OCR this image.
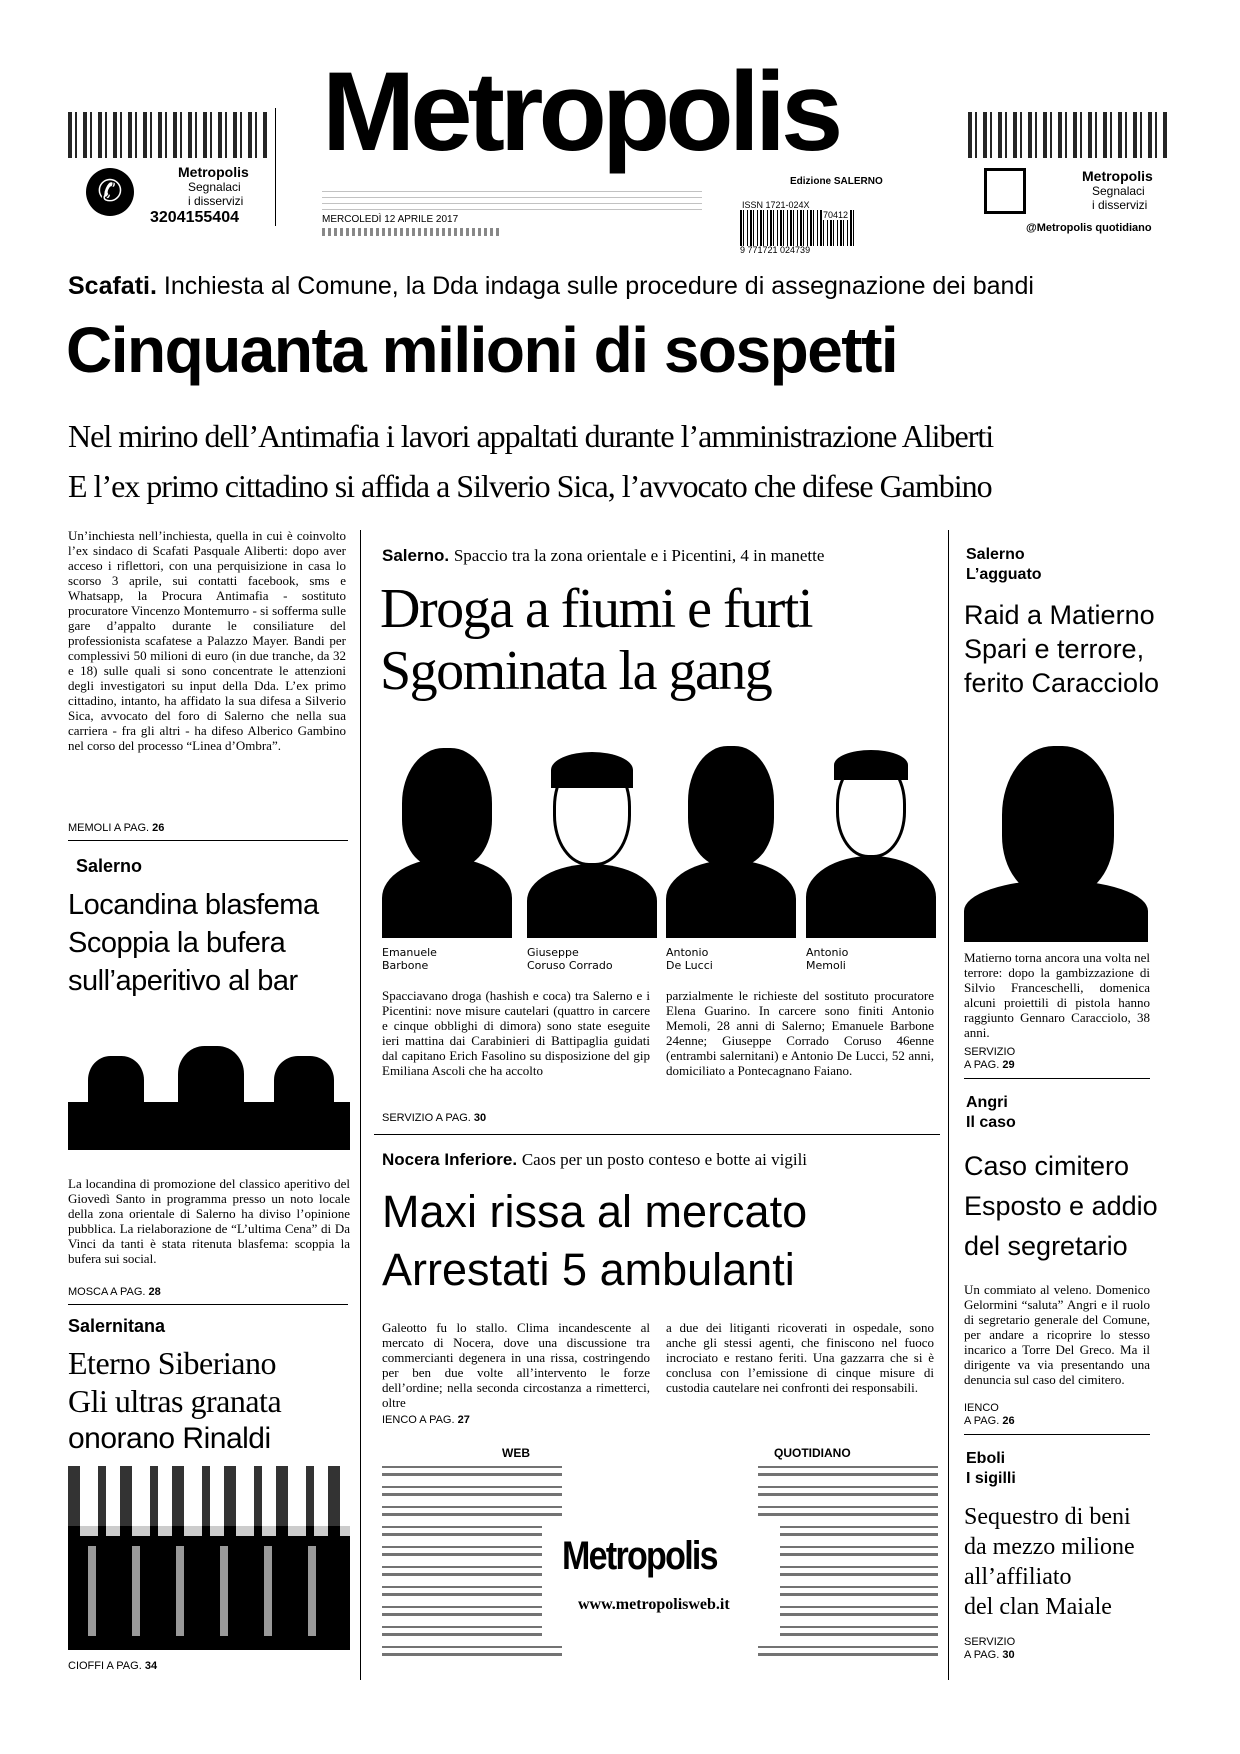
✆
Metropolis
Segnalaci
i disservizi
3204155404
Metropolis
Edizione SALERNO
MERCOLEDÌ 12 APRILE 2017
ISSN 1721-024X
70412
9 771721 024739
Metropolis
Segnalaci
i disservizi
@Metropolis quotidiano
Scafati. Inchiesta al Comune, la Dda indaga sulle procedure di assegnazione dei bandi
Cinquanta milioni di sospetti
Nel mirino dell’Antimafia i lavori appaltati durante l’amministrazione Aliberti
E l’ex primo cittadino si affida a Silverio Sica, l’avvocato che difese Gambino
Un’inchiesta nell’inchiesta, quella in cui è coinvolto l’ex sindaco di Scafati Pasquale Aliberti: dopo aver acceso i riflettori, con una perquisizione in casa lo scorso 3 aprile, sui contatti facebook, sms e Whatsapp, la Procura Antimafia - sostituto procuratore Vincenzo Montemurro - si sofferma sulle gare d’appalto durante le consiliature del professionista scafatese a Palazzo Mayer. Bandi per complessivi 50 milioni di euro (in due tranche, da 32 e 18) sulle quali si sono concentrate le attenzioni degli investigatori su input della Dda. L’ex primo cittadino, intanto, ha affidato la sua difesa a Silverio Sica, avvocato del foro di Salerno che nella sua carriera - fra gli altri - ha difeso Alberico Gambino nel corso del processo “Linea d’Ombra”.
MEMOLI A PAG. 26
Salerno. Spaccio tra la zona orientale e i Picentini, 4 in manette
Droga a fiumi e furti
Sgominata la gang
Emanuele
Barbone
Giuseppe
Coruso Corrado
Antonio
De Lucci
Antonio
Memoli
Spacciavano droga (hashish e coca) tra Salerno e i Picentini: nove misure cautelari (quattro in carcere e cinque obblighi di dimora) sono state eseguite ieri mattina dai Carabinieri di Battipaglia guidati dal capitano Erich Fasolino su disposizione del gip Emiliana Ascoli che ha accolto
parzialmente le richieste del sostituto procuratore Elena Guarino. In carcere sono finiti Antonio Memoli, 28 anni di Salerno; Emanuele Barbone 24enne; Giuseppe Corrado Coruso 46enne (entrambi salernitani) e Antonio De Lucci, 52 anni, domiciliato a Pontecagnano Faiano.
SERVIZIO A PAG. 30
Salerno
L’agguato
Raid a Matierno
Spari e terrore,
ferito Caracciolo
Matierno torna ancora una volta nel terrore: dopo la gambizzazione di Silvio Franceschelli, domenica alcuni proiettili di pistola hanno raggiunto Gennaro Caracciolo, 38 anni.
SERVIZIO
A PAG. 29
Salerno
Locandina blasfema
Scoppia la bufera
sull’aperitivo al bar
La locandina di promozione del classico aperitivo del Giovedì Santo in programma presso un noto locale della zona orientale di Salerno ha diviso l’opinione pubblica. La rielaborazione de “L’ultima Cena” di Da Vinci da tanti è stata ritenuta blasfema: scoppia la bufera sui social.
MOSCA A PAG. 28
Nocera Inferiore. Caos per un posto conteso e botte ai vigili
Maxi rissa al mercato
Arrestati 5 ambulanti
Galeotto fu lo stallo. Clima incandescente al mercato di Nocera, dove una discussione tra commercianti degenera in una rissa, costringendo per ben due volte all’intervento le forze dell’ordine; nella seconda circostanza a rimetterci, oltre
a due dei litiganti ricoverati in ospedale, sono anche gli stessi agenti, che finiscono nel fuoco incrociato e restano feriti. Una gazzarra che si è conclusa con l’emissione di cinque misure di custodia cautelare nei confronti dei responsabili.
IENCO A PAG. 27
Angri
Il caso
Caso cimitero
Esposto e addio
del segretario
Un commiato al veleno. Domenico Gelormini “saluta” Angri e il ruolo di segretario generale del Comune, per andare a ricoprire lo stesso incarico a Torre Del Greco. Ma il dirigente va via presentando una denuncia sul caso del cimitero.
IENCO
A PAG. 26
Salernitana
Eterno Siberiano
Gli ultras granata
onorano Rinaldi
CIOFFI A PAG. 34
WEB	QUOTIDIANO
Metropolis
www.metropolisweb.it
Eboli
I sigilli
Sequestro di beni
da mezzo milione
all’affiliato
del clan Maiale
SERVIZIO
A PAG. 30
